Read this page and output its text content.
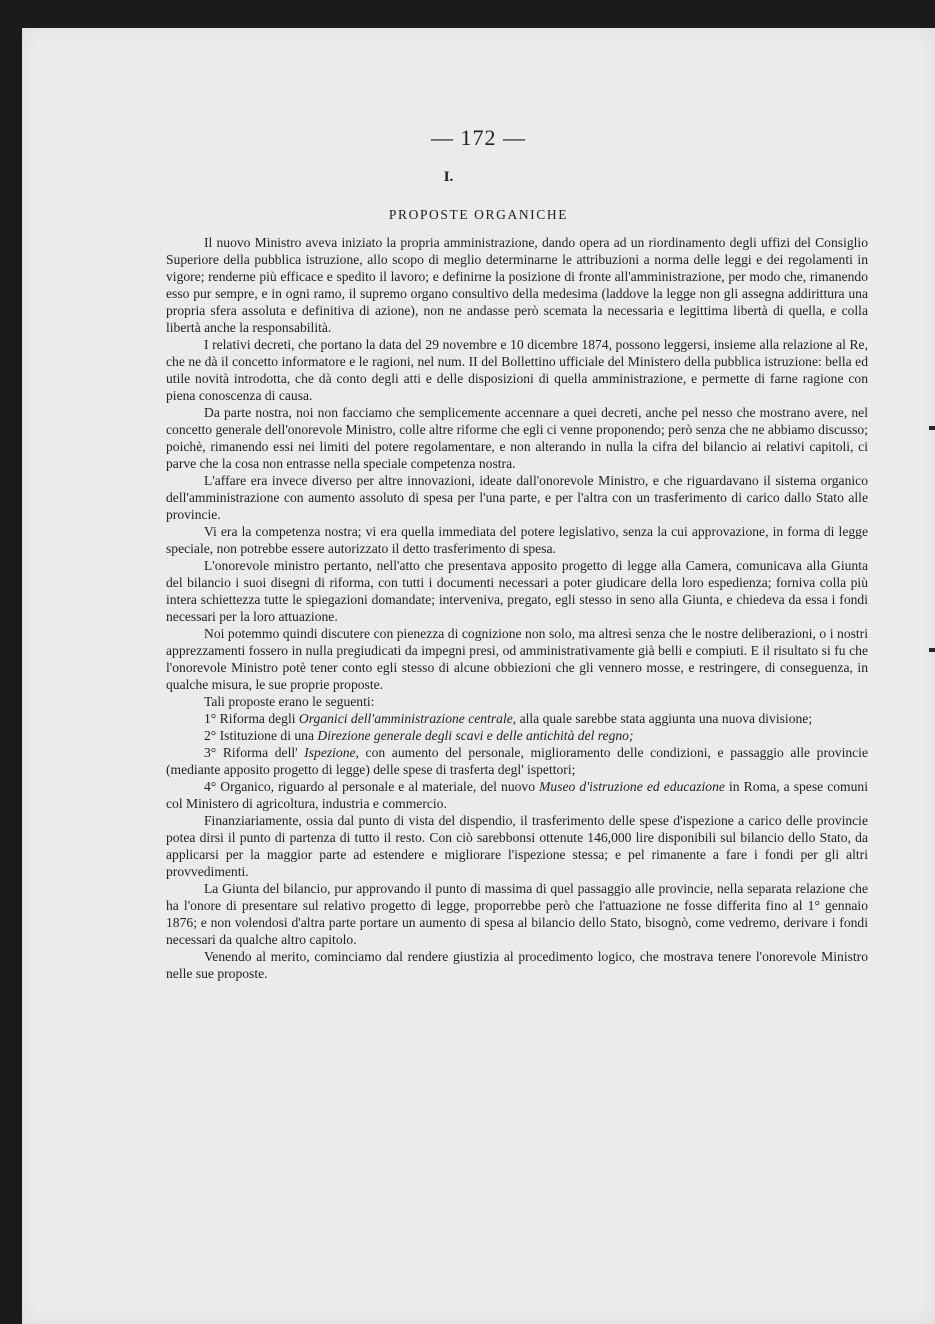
— 172 —
I.
PROPOSTE ORGANICHE

Il nuovo Ministro aveva iniziato la propria amministrazione, dando opera ad un riordinamento degli uffizi del Consiglio Superiore della pubblica istruzione, allo scopo di meglio determinarne le attribuzioni a norma delle leggi e dei regolamenti in vigore; renderne più efficace e spedito il lavoro; e definirne la posizione di fronte all'amministrazione, per modo che, rimanendo esso pur sempre, e in ogni ramo, il supremo organo consultivo della medesima (laddove la legge non gli assegna addirittura una propria sfera assoluta e definitiva di azione), non ne andasse però scemata la necessaria e legittima libertà di quella, e colla libertà anche la responsabilità.

I relativi decreti, che portano la data del 29 novembre e 10 dicembre 1874, possono leggersi, insieme alla relazione al Re, che ne dà il concetto informatore e le ragioni, nel num. II del Bollettino ufficiale del Ministero della pubblica istruzione: bella ed utile novità introdotta, che dà conto degli atti e delle disposizioni di quella amministrazione, e permette di farne ragione con piena conoscenza di causa.

Da parte nostra, noi non facciamo che semplicemente accennare a quei decreti, anche pel nesso che mostrano avere, nel concetto generale dell'onorevole Ministro, colle altre riforme che egli ci venne proponendo; però senza che ne abbiamo discusso; poichè, rimanendo essi nei limiti del potere regolamentare, e non alterando in nulla la cifra del bilancio ai relativi capitoli, ci parve che la cosa non entrasse nella speciale competenza nostra.

L'affare era invece diverso per altre innovazioni, ideate dall'onorevole Ministro, e che riguardavano il sistema organico dell'amministrazione con aumento assoluto di spesa per l'una parte, e per l'altra con un trasferimento di carico dallo Stato alle provincie.

Vi era la competenza nostra; vi era quella immediata del potere legislativo, senza la cui approvazione, in forma di legge speciale, non potrebbe essere autorizzato il detto trasferimento di spesa.

L'onorevole ministro pertanto, nell'atto che presentava apposito progetto di legge alla Camera, comunicava alla Giunta del bilancio i suoi disegni di riforma, con tutti i documenti necessari a poter giudicare della loro espedienza; forniva colla più intera schiettezza tutte le spiegazioni domandate; interveniva, pregato, egli stesso in seno alla Giunta, e chiedeva da essa i fondi necessari per la loro attuazione.

Noi potemmo quindi discutere con pienezza di cognizione non solo, ma altresì senza che le nostre deliberazioni, o i nostri apprezzamenti fossero in nulla pregiudicati da impegni presi, od amministrativamente già belli e compiuti. E il risultato si fu che l'onorevole Ministro potè tener conto egli stesso di alcune obbiezioni che gli vennero mosse, e restringere, di conseguenza, in qualche misura, le sue proprie proposte.

Tali proposte erano le seguenti:

1° Riforma degli Organici dell'amministrazione centrale, alla quale sarebbe stata aggiunta una nuova divisione;

2° Istituzione di una Direzione generale degli scavi e delle antichità del regno;

3° Riforma dell' Ispezione, con aumento del personale, miglioramento delle condizioni, e passaggio alle provincie (mediante apposito progetto di legge) delle spese di trasferta degl' ispettori;

4° Organico, riguardo al personale e al materiale, del nuovo Museo d'istruzione ed educazione in Roma, a spese comuni col Ministero di agricoltura, industria e commercio.

Finanziariamente, ossia dal punto di vista del dispendio, il trasferimento delle spese d'ispezione a carico delle provincie potea dirsi il punto di partenza di tutto il resto. Con ciò sarebbonsi ottenute 146,000 lire disponibili sul bilancio dello Stato, da applicarsi per la maggior parte ad estendere e migliorare l'ispezione stessa; e pel rimanente a fare i fondi per gli altri provvedimenti.

La Giunta del bilancio, pur approvando il punto di massima di quel passaggio alle provincie, nella separata relazione che ha l'onore di presentare sul relativo progetto di legge, proporrebbe però che l'attuazione ne fosse differita fino al 1° gennaio 1876; e non volendosi d'altra parte portare un aumento di spesa al bilancio dello Stato, bisognò, come vedremo, derivare i fondi necessari da qualche altro capitolo.

Venendo al merito, cominciamo dal rendere giustizia al procedimento logico, che mostrava tenere l'onorevole Ministro nelle sue proposte.
